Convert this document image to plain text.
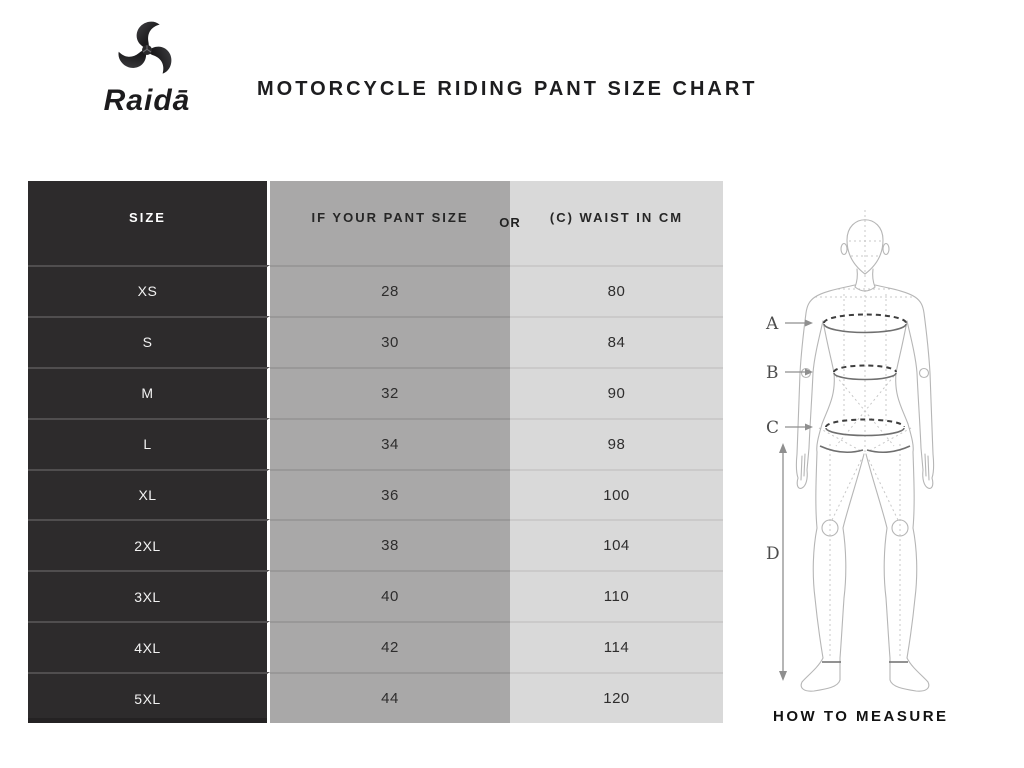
Raidā	MOTORCYCLE RIDING PANT SIZE CHART
SIZE	IF YOUR PANT SIZE	(C) WAIST IN CM
OR
XS	28	80
S	30	84
M	32	90
L	34	98
XL	36	100
2XL	38	104
3XL	40	110
4XL	42	114
5XL	44	120
A
B
C
D
HOW TO MEASURE
